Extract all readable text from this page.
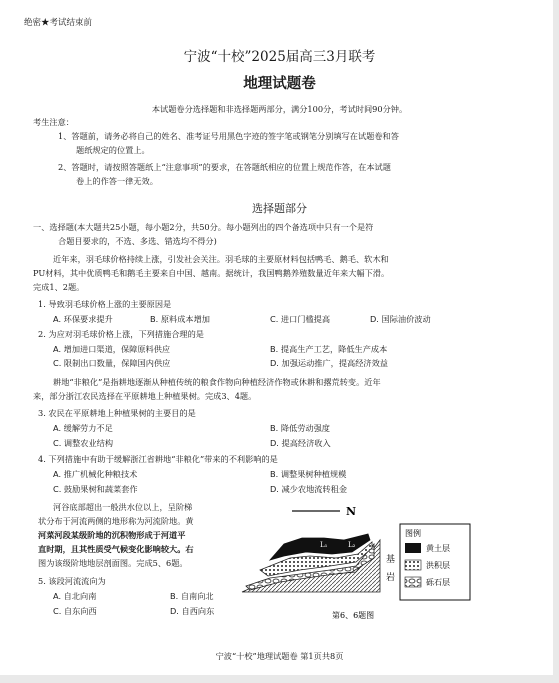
绝密★考试结束前
宁波“十校”2025届高三3月联考
地理试题卷
本试题卷分选择题和非选择题两部分，满分100分，考试时间90分钟。
考生注意：
1、答题前，请务必将自己的姓名、准考证号用黑色字迹的签字笔或钢笔分别填写在试题卷和答
题纸规定的位置上。
2、答题时，请按照答题纸上“注意事项”的要求，在答题纸相应的位置上规范作答，在本试题
卷上的作答一律无效。
选择题部分
一、选择题(本大题共25小题，每小题2分，共50分。每小题列出的四个备选项中只有一个是符
合题目要求的，不选、多选、错选均不得分)
近年来，羽毛球价格持续上涨，引发社会关注。羽毛球的主要原材料包括鸭毛、鹅毛、软木和
PU材料，其中优质鸭毛和鹅毛主要来自中国、越南。据统计，我国鸭鹅养殖数量近年来大幅下滑。
完成1、2题。
1. 导致羽毛球价格上涨的主要原因是
A. 环保要求提升	B. 原料成本增加	C. 进口门槛提高	D. 国际油价波动
2. 为应对羽毛球价格上涨，下列措施合理的是
A. 增加进口渠道，保障原料供应	B. 提高生产工艺，降低生产成本
C. 限制出口数量，保障国内供应	D. 加强运动推广，提高经济效益
耕地“非粮化”是指耕地逐渐从种植传统的粮食作物向种植经济作物或休耕和撂荒转变。近年
来，部分浙江农民选择在平原耕地上种植果树。完成3、4题。
3. 农民在平原耕地上种植果树的主要目的是
A. 缓解劳力不足	B. 降低劳动强度
C. 调整农业结构	D. 提高经济收入
4. 下列措施中有助于缓解浙江省耕地“非粮化”带来的不利影响的是
A. 推广机械化种粮技术	B. 调整果树种植规模
C. 鼓励果树和蔬菜套作	D. 减少农地流转租金
河谷底部超出一般洪水位以上，呈阶梯
状分布于河流两侧的地形称为河流阶地。黄
河菜河段某级阶地的沉积物形成于河道平
直时期，且其性质受气候变化影响较大。右
图为该级阶地地层剖面图。完成5、6题。
5. 该段河流流向为
A. 自北向南	B. 自南向北
C. 自东向西	D. 自西向东
N
L₁	L₂
基
岩
图例
黄土层
洪积层
砾石层
第6、6题图
宁波“十校”地理试题卷 第1页共8页
